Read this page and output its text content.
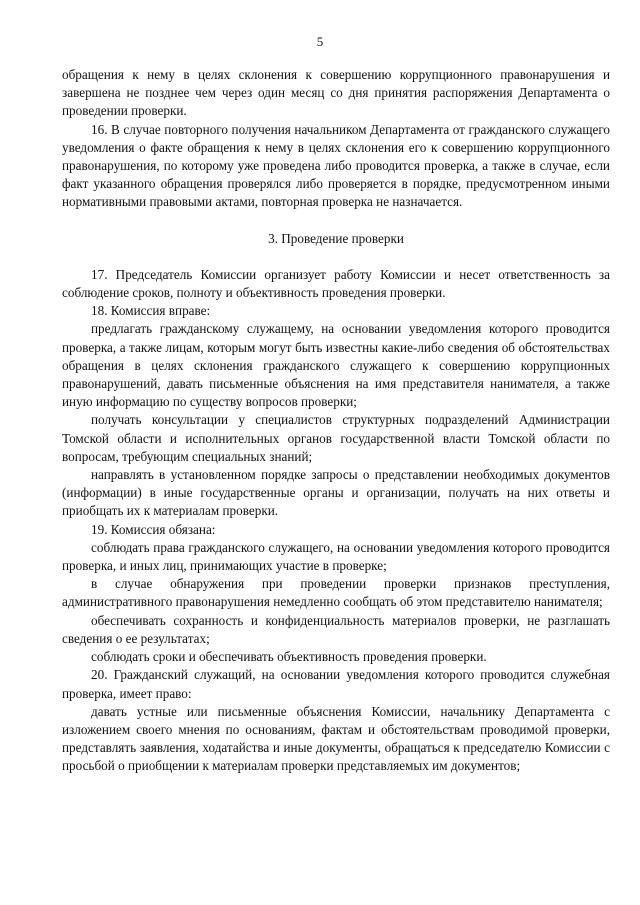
5

обращения к нему в целях склонения к совершению коррупционного правонарушения и завершена не позднее чем через один месяц со дня принятия распоряжения Департамента о проведении проверки.

16. В случае повторного получения начальником Департамента от гражданского служащего уведомления о факте обращения к нему в целях склонения его к совершению коррупционного правонарушения, по которому уже проведена либо проводится проверка, а также в случае, если факт указанного обращения проверялся либо проверяется в порядке, предусмотренном иными нормативными правовыми актами, повторная проверка не назначается.

3. Проведение проверки

17. Председатель Комиссии организует работу Комиссии и несет ответственность за соблюдение сроков, полноту и объективность проведения проверки.

18. Комиссия вправе:

предлагать гражданскому служащему, на основании уведомления которого проводится проверка, а также лицам, которым могут быть известны какие-либо сведения об обстоятельствах обращения в целях склонения гражданского служащего к совершению коррупционных правонарушений, давать письменные объяснения на имя представителя нанимателя, а также иную информацию по существу вопросов проверки;

получать консультации у специалистов структурных подразделений Администрации Томской области и исполнительных органов государственной власти Томской области по вопросам, требующим специальных знаний;

направлять в установленном порядке запросы о представлении необходимых документов (информации) в иные государственные органы и организации, получать на них ответы и приобщать их к материалам проверки.

19. Комиссия обязана:

соблюдать права гражданского служащего, на основании уведомления которого проводится проверка, и иных лиц, принимающих участие в проверке;

в случае обнаружения при проведении проверки признаков преступления, административного правонарушения немедленно сообщать об этом представителю нанимателя;

обеспечивать сохранность и конфиденциальность материалов проверки, не разглашать сведения о ее результатах;

соблюдать сроки и обеспечивать объективность проведения проверки.

20. Гражданский служащий, на основании уведомления которого проводится служебная проверка, имеет право:

давать устные или письменные объяснения Комиссии, начальнику Департамента с изложением своего мнения по основаниям, фактам и обстоятельствам проводимой проверки, представлять заявления, ходатайства и иные документы, обращаться к председателю Комиссии с просьбой о приобщении к материалам проверки представляемых им документов;
